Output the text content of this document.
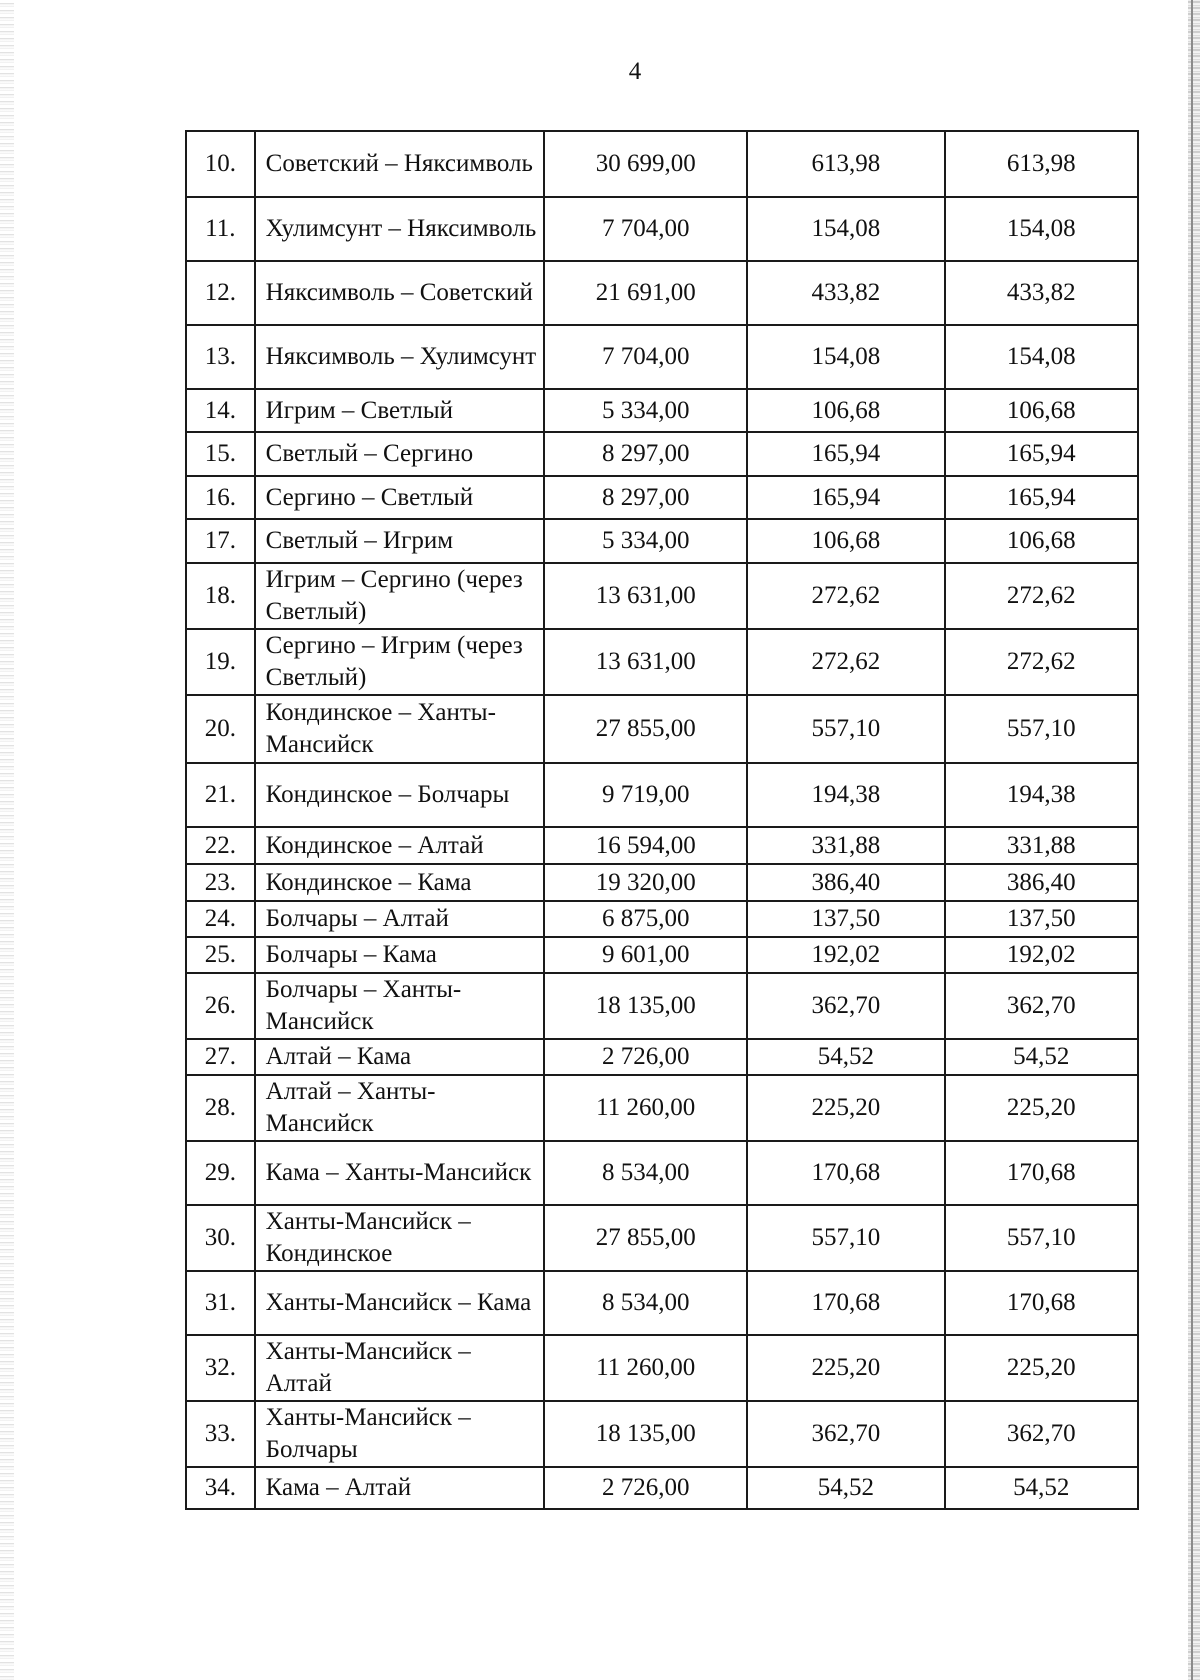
4
10.	Советский – Няксимволь	30 699,00	613,98	613,98
11.	Хулимсунт – Няксимволь	7 704,00	154,08	154,08
12.	Няксимволь – Советский	21 691,00	433,82	433,82
13.	Няксимволь – Хулимсунт	7 704,00	154,08	154,08
14.	Игрим – Светлый	5 334,00	106,68	106,68
15.	Светлый – Сергино	8 297,00	165,94	165,94
16.	Сергино – Светлый	8 297,00	165,94	165,94
17.	Светлый – Игрим	5 334,00	106,68	106,68
18.	Игрим – Сергино (через Светлый)	13 631,00	272,62	272,62
19.	Сергино – Игрим (через Светлый)	13 631,00	272,62	272,62
20.	Кондинское – Ханты-Мансийск	27 855,00	557,10	557,10
21.	Кондинское – Болчары	9 719,00	194,38	194,38
22.	Кондинское – Алтай	16 594,00	331,88	331,88
23.	Кондинское – Кама	19 320,00	386,40	386,40
24.	Болчары – Алтай	6 875,00	137,50	137,50
25.	Болчары – Кама	9 601,00	192,02	192,02
26.	Болчары – Ханты-Мансийск	18 135,00	362,70	362,70
27.	Алтай – Кама	2 726,00	54,52	54,52
28.	Алтай – Ханты-Мансийск	11 260,00	225,20	225,20
29.	Кама – Ханты-Мансийск	8 534,00	170,68	170,68
30.	Ханты-Мансийск – Кондинское	27 855,00	557,10	557,10
31.	Ханты-Мансийск – Кама	8 534,00	170,68	170,68
32.	Ханты-Мансийск – Алтай	11 260,00	225,20	225,20
33.	Ханты-Мансийск – Болчары	18 135,00	362,70	362,70
34.	Кама – Алтай	2 726,00	54,52	54,52
